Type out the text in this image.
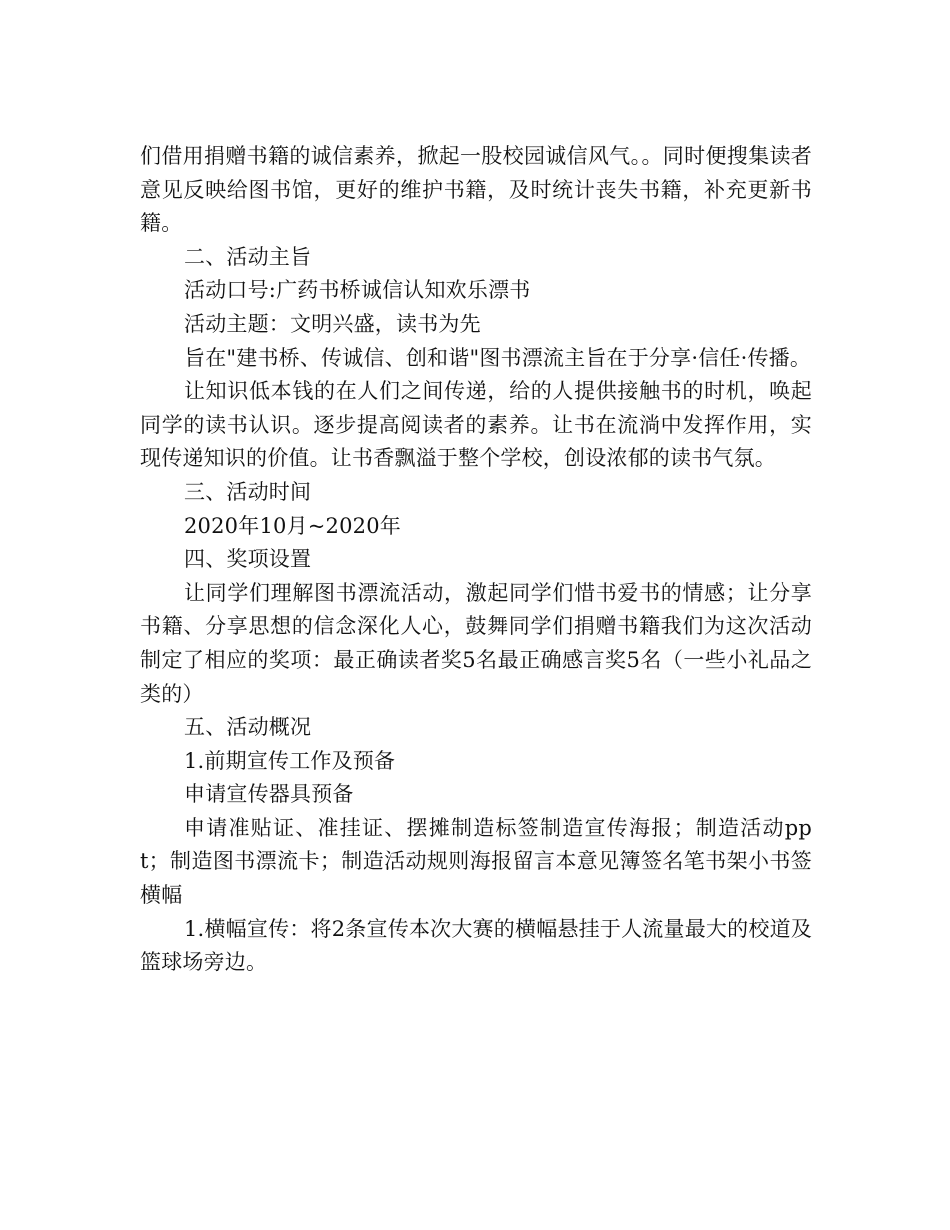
们借用捐赠书籍的诚信素养，掀起一股校园诚信风气。。同时便搜集读者意见反映给图书馆，更好的维护书籍，及时统计丧失书籍，补充更新书籍。

二、活动主旨

活动口号:广药书桥诚信认知欢乐漂书

活动主题：文明兴盛，读书为先

旨在"建书桥、传诚信、创和谐"图书漂流主旨在于分享·信任·传播。

让知识低本钱的在人们之间传递，给的人提供接触书的时机，唤起同学的读书认识。逐步提高阅读者的素养。让书在流淌中发挥作用，实现传递知识的价值。让书香飘溢于整个学校，创设浓郁的读书气氛。

三、活动时间

2020年10月~2020年

四、奖项设置

让同学们理解图书漂流活动，激起同学们惜书爱书的情感；让分享书籍、分享思想的信念深化人心，鼓舞同学们捐赠书籍我们为这次活动制定了相应的奖项：最正确读者奖5名最正确感言奖5名（一些小礼品之类的）

五、活动概况

1.前期宣传工作及预备

申请宣传器具预备

申请准贴证、准挂证、摆摊制造标签制造宣传海报；制造活动ppt；制造图书漂流卡；制造活动规则海报留言本意见簿签名笔书架小书签横幅

1.横幅宣传：将2条宣传本次大赛的横幅悬挂于人流量最大的校道及篮球场旁边。
